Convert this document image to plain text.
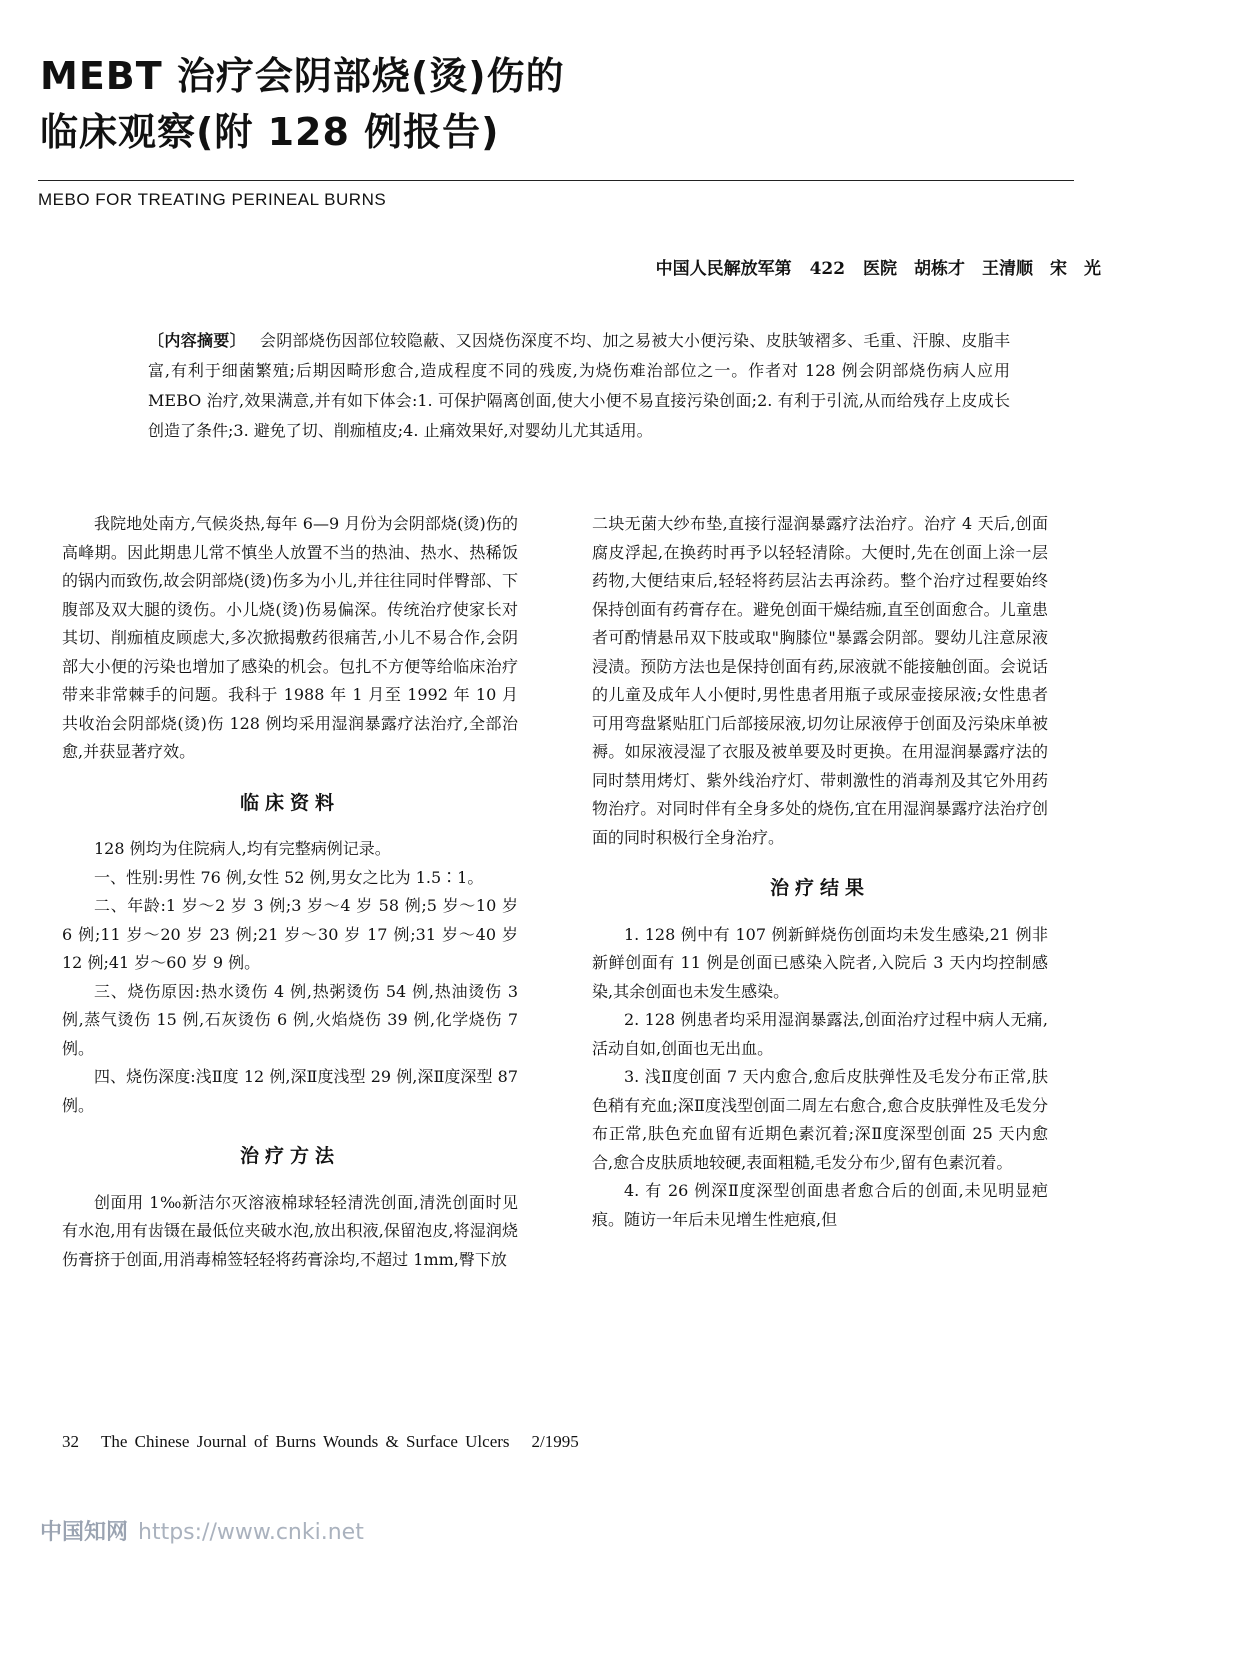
MEBT 治疗会阴部烧(烫)伤的
临床观察(附 128 例报告)
MEBO FOR TREATING PERINEAL BURNS
中国人民解放军第 422 医院　胡栋才　王清顺　宋　光
〔内容摘要〕 会阴部烧伤因部位较隐蔽、又因烧伤深度不均、加之易被大小便污染、皮肤皱褶多、毛重、汗腺、皮脂丰富,有利于细菌繁殖;后期因畸形愈合,造成程度不同的残废,为烧伤难治部位之一。作者对 128 例会阴部烧伤病人应用 MEBO 治疗,效果满意,并有如下体会:1. 可保护隔离创面,使大小便不易直接污染创面;2. 有利于引流,从而给残存上皮成长创造了条件;3. 避免了切、削痂植皮;4. 止痛效果好,对婴幼儿尤其适用。

我院地处南方,气候炎热,每年 6—9 月份为会阴部烧(烫)伤的高峰期。因此期患儿常不慎坐人放置不当的热油、热水、热稀饭的锅内而致伤,故会阴部烧(烫)伤多为小儿,并往往同时伴臀部、下腹部及双大腿的烫伤。小儿烧(烫)伤易偏深。传统治疗使家长对其切、削痂植皮顾虑大,多次掀揭敷药很痛苦,小儿不易合作,会阴部大小便的污染也增加了感染的机会。包扎不方便等给临床治疗带来非常棘手的问题。我科于 1988 年 1 月至 1992 年 10 月共收治会阴部烧(烫)伤 128 例均采用湿润暴露疗法治疗,全部治愈,并获显著疗效。

临床资料

128 例均为住院病人,均有完整病例记录。

一、性别:男性 76 例,女性 52 例,男女之比为 1.5∶1。

二、年龄:1 岁～2 岁 3 例;3 岁～4 岁 58 例;5 岁～10 岁 6 例;11 岁～20 岁 23 例;21 岁～30 岁 17 例;31 岁～40 岁 12 例;41 岁～60 岁 9 例。

三、烧伤原因:热水烫伤 4 例,热粥烫伤 54 例,热油烫伤 3 例,蒸气烫伤 15 例,石灰烫伤 6 例,火焰烧伤 39 例,化学烧伤 7 例。

四、烧伤深度:浅Ⅱ度 12 例,深Ⅱ度浅型 29 例,深Ⅱ度深型 87 例。

治疗方法

创面用 1‰新洁尔灭溶液棉球轻轻清洗创面,清洗创面时见有水泡,用有齿镊在最低位夹破水泡,放出积液,保留泡皮,将湿润烧伤膏挤于创面,用消毒棉签轻轻将药膏涂均,不超过 1mm,臀下放

二块无菌大纱布垫,直接行湿润暴露疗法治疗。治疗 4 天后,创面腐皮浮起,在换药时再予以轻轻清除。大便时,先在创面上涂一层药物,大便结束后,轻轻将药层沾去再涂药。整个治疗过程要始终保持创面有药膏存在。避免创面干燥结痂,直至创面愈合。儿童患者可酌情悬吊双下肢或取"胸膝位"暴露会阴部。婴幼儿注意尿液浸渍。预防方法也是保持创面有药,尿液就不能接触创面。会说话的儿童及成年人小便时,男性患者用瓶子或尿壶接尿液;女性患者可用弯盘紧贴肛门后部接尿液,切勿让尿液停于创面及污染床单被褥。如尿液浸湿了衣服及被单要及时更换。在用湿润暴露疗法的同时禁用烤灯、紫外线治疗灯、带刺激性的消毒剂及其它外用药物治疗。对同时伴有全身多处的烧伤,宜在用湿润暴露疗法治疗创面的同时积极行全身治疗。

治疗结果

1. 128 例中有 107 例新鲜烧伤创面均未发生感染,21 例非新鲜创面有 11 例是创面已感染入院者,入院后 3 天内均控制感染,其余创面也未发生感染。

2. 128 例患者均采用湿润暴露法,创面治疗过程中病人无痛,活动自如,创面也无出血。

3. 浅Ⅱ度创面 7 天内愈合,愈后皮肤弹性及毛发分布正常,肤色稍有充血;深Ⅱ度浅型创面二周左右愈合,愈合皮肤弹性及毛发分布正常,肤色充血留有近期色素沉着;深Ⅱ度深型创面 25 天内愈合,愈合皮肤质地较硬,表面粗糙,毛发分布少,留有色素沉着。

4. 有 26 例深Ⅱ度深型创面患者愈合后的创面,未见明显疤痕。随访一年后未见增生性疤痕,但

32 The Chinese Journal of Burns Wounds & Surface Ulcers 2/1995
中国知网 https://www.cnki.net
